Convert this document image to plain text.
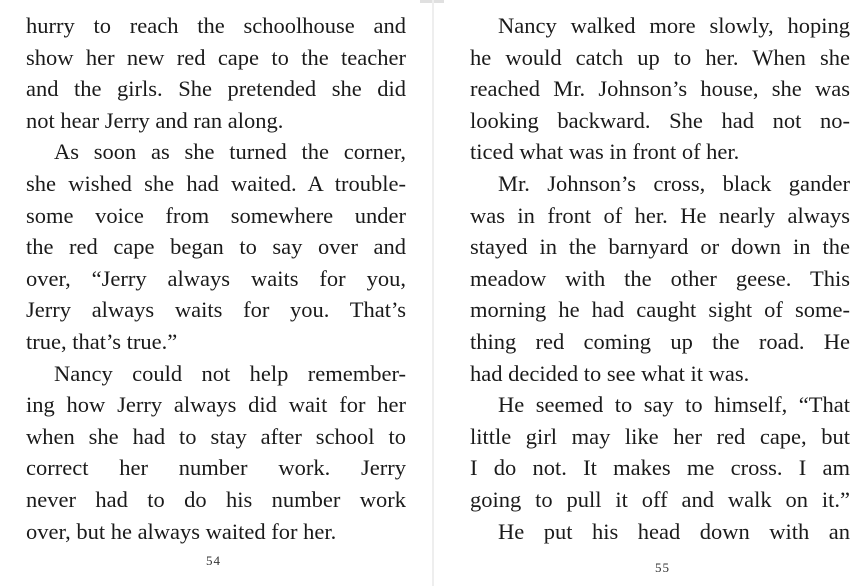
hurry to reach the schoolhouse and
show her new red cape to the teacher
and the girls. She pretended she did
not hear Jerry and ran along.
As soon as she turned the corner,
she wished she had waited. A trouble-
some voice from somewhere under
the red cape began to say over and
over, “Jerry always waits for you,
Jerry always waits for you. That’s
true, that’s true.”
Nancy could not help remember-
ing how Jerry always did wait for her
when she had to stay after school to
correct her number work. Jerry
never had to do his number work
over, but he always waited for her.
54
Nancy walked more slowly, hoping
he would catch up to her. When she
reached Mr. Johnson’s house, she was
looking backward. She had not no-
ticed what was in front of her.
Mr. Johnson’s cross, black gander
was in front of her. He nearly always
stayed in the barnyard or down in the
meadow with the other geese. This
morning he had caught sight of some-
thing red coming up the road. He
had decided to see what it was.
He seemed to say to himself, “That
little girl may like her red cape, but
I do not. It makes me cross. I am
going to pull it off and walk on it.”
He put his head down with an
55
